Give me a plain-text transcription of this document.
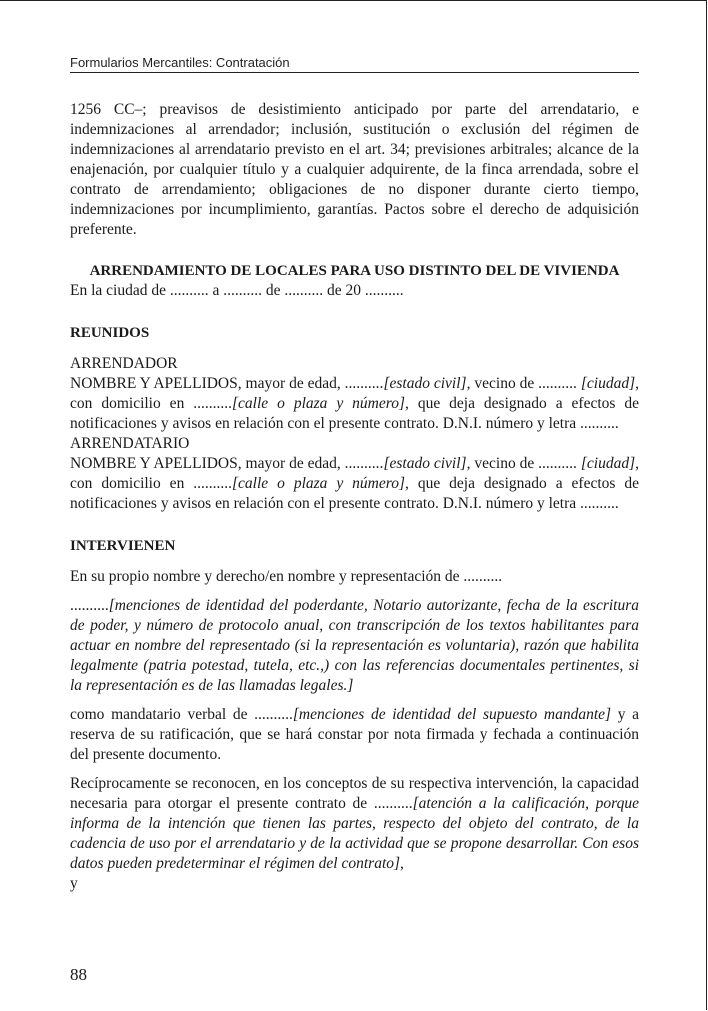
Formularios Mercantiles: Contratación

1256 CC–; preavisos de desistimiento anticipado por parte del arrendatario, e indemnizaciones al arrendador; inclusión, sustitución o exclusión del régimen de indemnizaciones al arrendatario previsto en el art. 34; previsiones arbitrales; alcance de la enajenación, por cualquier título y a cualquier adquirente, de la finca arrendada, sobre el contrato de arrendamiento; obligaciones de no disponer durante cierto tiempo, indemnizaciones por incumplimiento, garantías. Pactos sobre el derecho de adquisición preferente.

ARRENDAMIENTO DE LOCALES PARA USO DISTINTO DEL DE VIVIENDA

En la ciudad de .......... a .......... de .......... de 20 ..........

REUNIDOS
ARRENDADOR

NOMBRE Y APELLIDOS, mayor de edad, ..........[estado civil], vecino de .......... [ciudad], con domicilio en ..........[calle o plaza y número], que deja designado a efectos de notificaciones y avisos en relación con el presente contrato. D.N.I. número y letra ..........

ARRENDATARIO

NOMBRE Y APELLIDOS, mayor de edad, ..........[estado civil], vecino de .......... [ciudad], con domicilio en ..........[calle o plaza y número], que deja designado a efectos de notificaciones y avisos en relación con el presente contrato. D.N.I. número y letra ..........

INTERVIENEN

En su propio nombre y derecho/en nombre y representación de ..........

..........[menciones de identidad del poderdante, Notario autorizante, fecha de la escritura de poder, y número de protocolo anual, con transcripción de los textos habilitantes para actuar en nombre del representado (si la representación es voluntaria), razón que habilita legalmente (patria potestad, tutela, etc.,) con las referencias documentales pertinentes, si la representación es de las llamadas legales.]

como mandatario verbal de ..........[menciones de identidad del supuesto mandante] y a reserva de su ratificación, que se hará constar por nota firmada y fechada a continuación del presente documento.

Recíprocamente se reconocen, en los conceptos de su respectiva intervención, la capacidad necesaria para otorgar el presente contrato de ..........[atención a la calificación, porque informa de la intención que tienen las partes, respecto del objeto del contrato, de la cadencia de uso por el arrendatario y de la actividad que se propone desarrollar. Con esos datos pueden predeterminar el régimen del contrato],

y
88
